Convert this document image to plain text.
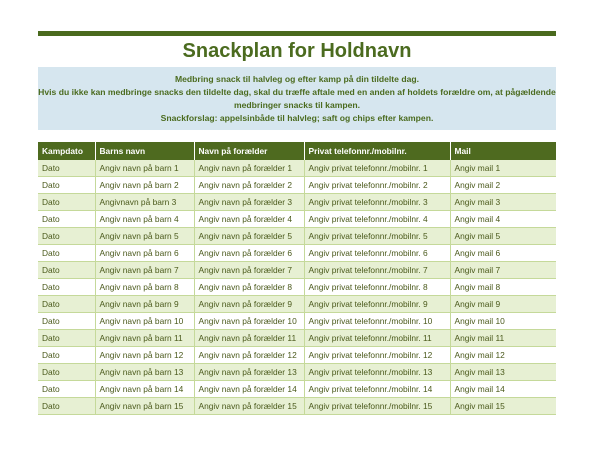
Snackplan for Holdnavn
Medbring snack til halvleg og efter kamp på din tildelte dag.
Hvis du ikke kan medbringe snacks den tildelte dag, skal du træffe aftale med en anden af holdets forældre om, at pågældende
medbringer snacks til kampen.
Snackforslag: appelsinbåde til halvleg; saft og chips efter kampen.
Kampdato	Barns navn	Navn på forælder	Privat telefonnr./mobilnr.	Mail
Dato	Angiv navn på barn 1	Angiv navn på forælder 1	Angiv privat telefonnr./mobilnr. 1	Angiv mail 1
Dato	Angiv navn på barn 2	Angiv navn på forælder 2	Angiv privat telefonnr./mobilnr. 2	Angiv mail 2
Dato	Angivnavn på barn 3	Angiv navn på forælder 3	Angiv privat telefonnr./mobilnr. 3	Angiv mail 3
Dato	Angiv navn på barn 4	Angiv navn på forælder 4	Angiv privat telefonnr./mobilnr. 4	Angiv mail 4
Dato	Angiv navn på barn 5	Angiv navn på forælder 5	Angiv privat telefonnr./mobilnr. 5	Angiv mail 5
Dato	Angiv navn på barn 6	Angiv navn på forælder 6	Angiv privat telefonnr./mobilnr. 6	Angiv mail 6
Dato	Angiv navn på barn 7	Angiv navn på forælder 7	Angiv privat telefonnr./mobilnr. 7	Angiv mail 7
Dato	Angiv navn på barn 8	Angiv navn på forælder 8	Angiv privat telefonnr./mobilnr. 8	Angiv mail 8
Dato	Angiv navn på barn 9	Angiv navn på forælder 9	Angiv privat telefonnr./mobilnr. 9	Angiv mail 9
Dato	Angiv navn på barn 10	Angiv navn på forælder 10	Angiv privat telefonnr./mobilnr. 10	Angiv mail 10
Dato	Angiv navn på barn 11	Angiv navn på forælder 11	Angiv privat telefonnr./mobilnr. 11	Angiv mail 11
Dato	Angiv navn på barn 12	Angiv navn på forælder 12	Angiv privat telefonnr./mobilnr. 12	Angiv mail 12
Dato	Angiv navn på barn 13	Angiv navn på forælder 13	Angiv privat telefonnr./mobilnr. 13	Angiv mail 13
Dato	Angiv navn på barn 14	Angiv navn på forælder 14	Angiv privat telefonnr./mobilnr. 14	Angiv mail 14
Dato	Angiv navn på barn 15	Angiv navn på forælder 15	Angiv privat telefonnr./mobilnr. 15	Angiv mail 15
